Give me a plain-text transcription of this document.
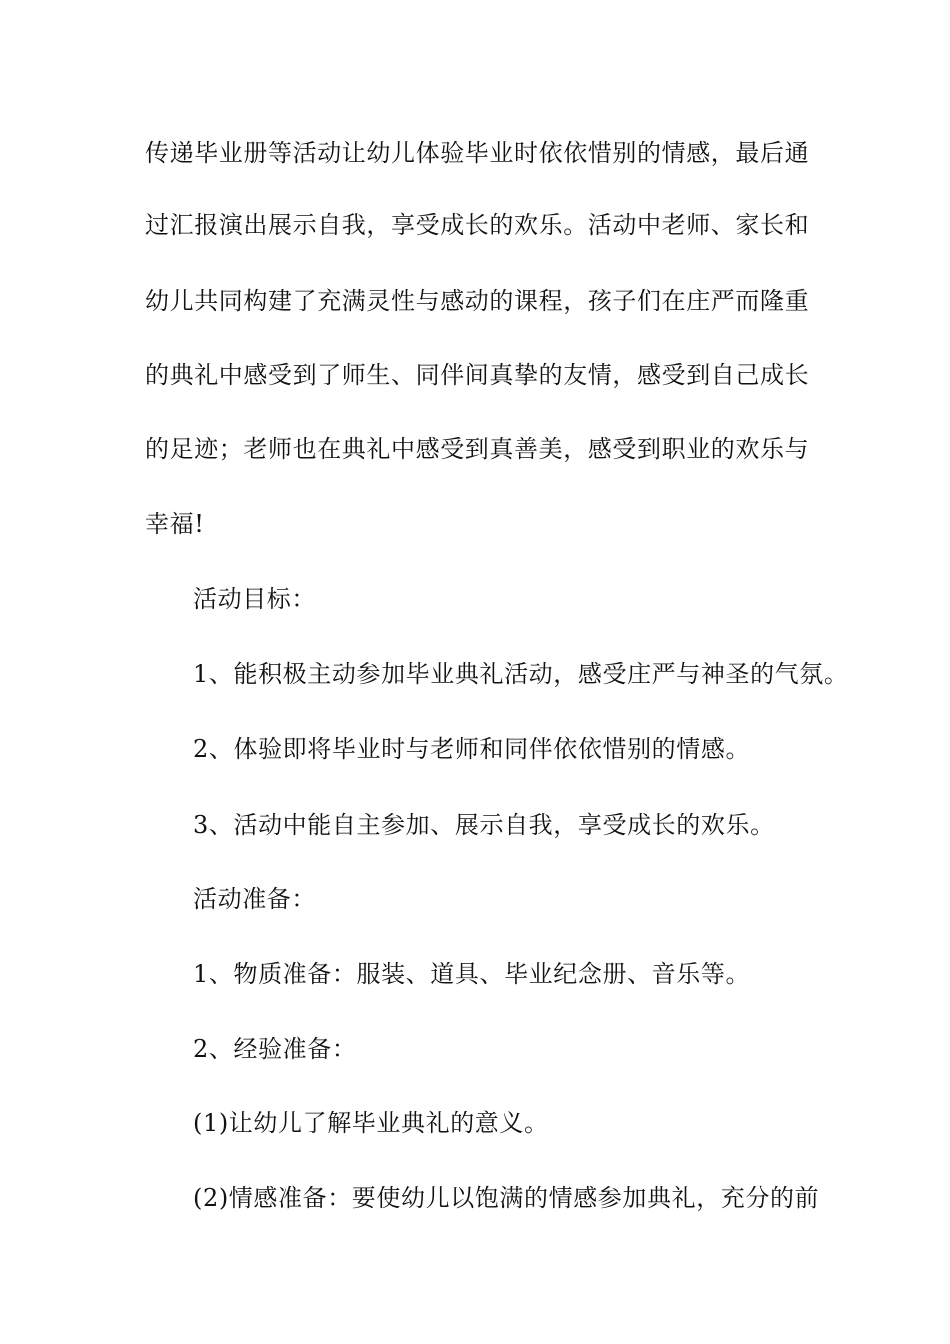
传递毕业册等活动让幼儿体验毕业时依依惜别的情感，最后通
过汇报演出展示自我，享受成长的欢乐。活动中老师、家长和
幼儿共同构建了充满灵性与感动的课程，孩子们在庄严而隆重
的典礼中感受到了师生、同伴间真挚的友情，感受到自己成长
的足迹；老师也在典礼中感受到真善美，感受到职业的欢乐与
幸福!
活动目标：
1、能积极主动参加毕业典礼活动，感受庄严与神圣的气氛。
2、体验即将毕业时与老师和同伴依依惜别的情感。
3、活动中能自主参加、展示自我，享受成长的欢乐。
活动准备：
1、物质准备：服装、道具、毕业纪念册、音乐等。
2、经验准备：
(1)让幼儿了解毕业典礼的意义。
(2)情感准备：要使幼儿以饱满的情感参加典礼，充分的前
